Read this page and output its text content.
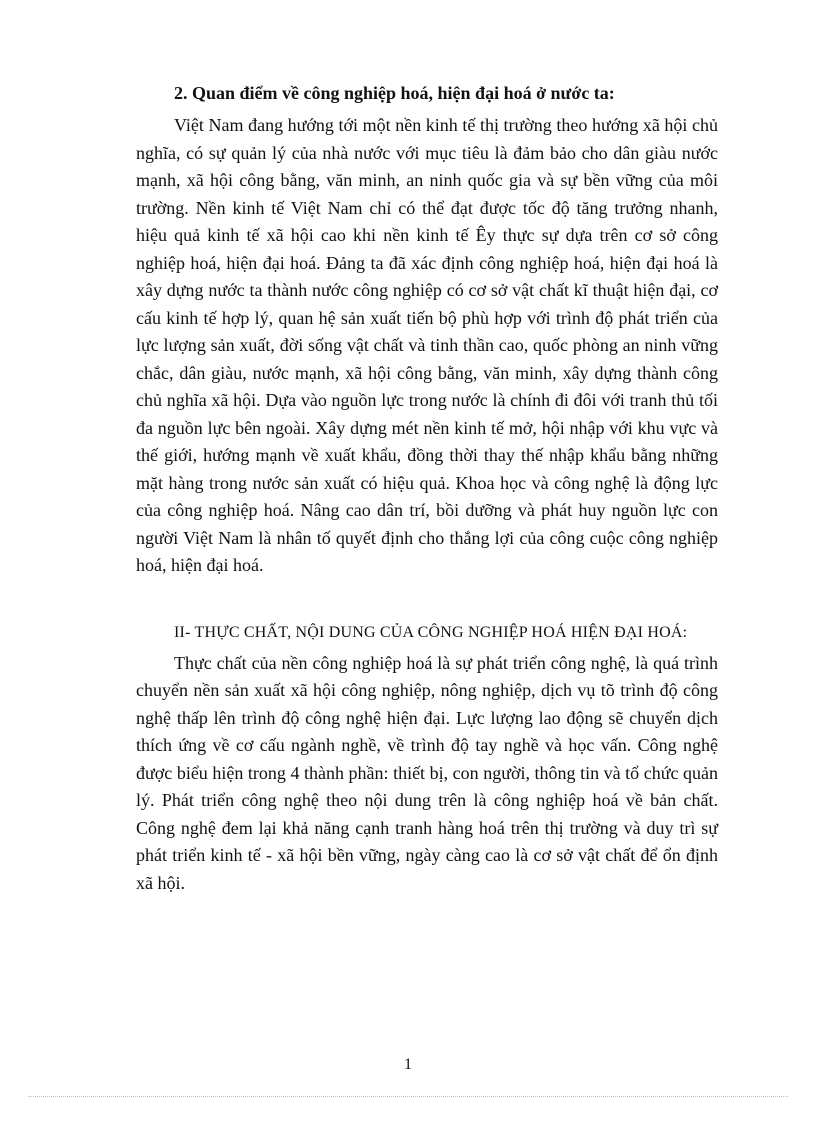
2. Quan điểm về công nghiệp hoá, hiện đại hoá ở nước ta:

Việt Nam đang hướng tới một nền kinh tế thị trường theo hướng xã hội chủ nghĩa, có sự quản lý của nhà nước với mục tiêu là đảm bảo cho dân giàu nước mạnh, xã hội công bằng, văn minh, an ninh quốc gia và sự bền vững của môi trường. Nền kinh tế Việt Nam chỉ có thể đạt được tốc độ tăng trưởng nhanh, hiệu quả kinh tế xã hội cao khi nền kinh tế Êy thực sự dựa trên cơ sở công nghiệp hoá, hiện đại hoá. Đảng ta đã xác định công nghiệp hoá, hiện đại hoá là xây dựng nước ta thành nước công nghiệp có cơ sở vật chất kĩ thuật hiện đại, cơ cấu kinh tế hợp lý, quan hệ sản xuất tiến bộ phù hợp với trình độ phát triển của lực lượng sản xuất, đời sống vật chất và tinh thần cao, quốc phòng an ninh vững chắc, dân giàu, nước mạnh, xã hội công bằng, văn minh, xây dựng thành công chủ nghĩa xã hội. Dựa vào nguồn lực trong nước là chính đi đôi với tranh thủ tối đa nguồn lực bên ngoài. Xây dựng mét nền kinh tế mở, hội nhập với khu vực và thế giới, hướng mạnh về xuất khẩu, đồng thời thay thế nhập khẩu bằng những mặt hàng trong nước sản xuất có hiệu quả. Khoa học và công nghệ là động lực của công nghiệp hoá. Nâng cao dân trí, bồi dưỡng và phát huy nguồn lực con người Việt Nam là nhân tố quyết định cho thắng lợi của công cuộc công nghiệp hoá, hiện đại hoá.

II- THỰC CHẤT, NỘI DUNG CỦA CÔNG NGHIỆP HOÁ HIỆN ĐẠI HOÁ:

Thực chất của nền công nghiệp hoá là sự phát triển công nghệ, là quá trình chuyển nền sản xuất xã hội công nghiệp, nông nghiệp, dịch vụ tõ trình độ công nghệ thấp lên trình độ công nghệ hiện đại. Lực lượng lao động sẽ chuyển dịch thích ứng về cơ cấu ngành nghề, về trình độ tay nghề và học vấn. Công nghệ được biểu hiện trong 4 thành phần: thiết bị, con người, thông tin và tổ chức quản lý. Phát triển công nghệ theo nội dung trên là công nghiệp hoá về bản chất. Công nghệ đem lại khả năng cạnh tranh hàng hoá trên thị trường và duy trì sự phát triển kinh tế - xã hội bền vững, ngày càng cao là cơ sở vật chất để ổn định xã hội.

1
